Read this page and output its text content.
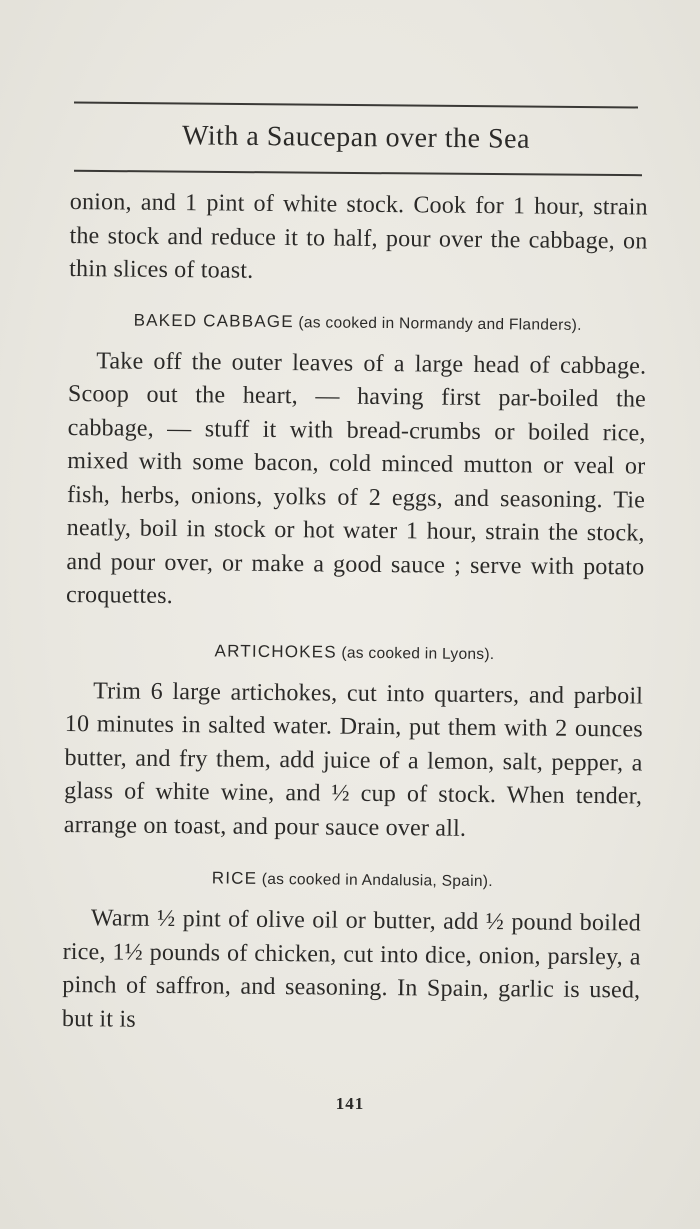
With a Saucepan over the Sea

onion, and 1 pint of white stock. Cook for 1 hour, strain the stock and reduce it to half, pour over the cabbage, on thin slices of toast.

BAKED CABBAGE (as cooked in Normandy and Flanders).

Take off the outer leaves of a large head of cabbage. Scoop out the heart, — having first par-boiled the cabbage, — stuff it with bread-crumbs or boiled rice, mixed with some bacon, cold minced mutton or veal or fish, herbs, onions, yolks of 2 eggs, and seasoning. Tie neatly, boil in stock or hot water 1 hour, strain the stock, and pour over, or make a good sauce ; serve with potato croquettes.

ARTICHOKES (as cooked in Lyons).

Trim 6 large artichokes, cut into quarters, and parboil 10 minutes in salted water. Drain, put them with 2 ounces butter, and fry them, add juice of a lemon, salt, pepper, a glass of white wine, and ½ cup of stock. When tender, arrange on toast, and pour sauce over all.

RICE (as cooked in Andalusia, Spain).

Warm ½ pint of olive oil or butter, add ½ pound boiled rice, 1½ pounds of chicken, cut into dice, onion, parsley, a pinch of saffron, and seasoning. In Spain, garlic is used, but it is

141
